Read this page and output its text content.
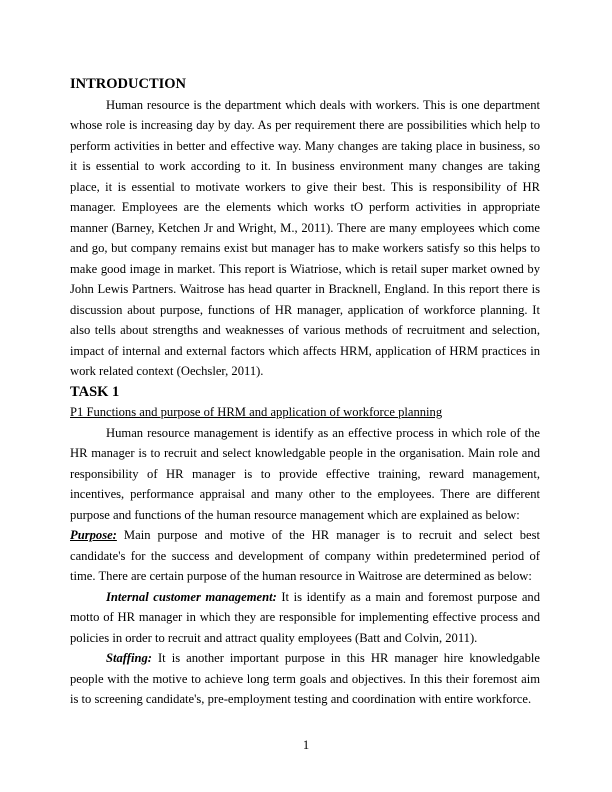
INTRODUCTION

Human resource is the department which deals with workers. This is one department whose role is increasing day by day. As per requirement there are possibilities which help to perform activities in better and effective way. Many changes are taking place in business, so it is essential to work according to it. In business environment many changes are taking place, it is essential to motivate workers to give their best. This is responsibility of HR manager. Employees are the elements which works tO perform activities in appropriate manner (Barney, Ketchen Jr and Wright, M., 2011). There are many employees which come and go, but company remains exist but manager has to make workers satisfy so this helps to make good image in market. This report is Wiatriose, which is retail super market owned by John Lewis Partners. Waitrose has head quarter in Bracknell, England. In this report there is discussion about purpose, functions of HR manager, application of workforce planning. It also tells about strengths and weaknesses of various methods of recruitment and selection, impact of internal and external factors which affects HRM, application of HRM practices in work related context (Oechsler, 2011).

TASK 1

P1 Functions and purpose of HRM and application of workforce planning

Human resource management is identify as an effective process in which role of the HR manager is to recruit and select knowledgable people in the organisation. Main role and responsibility of HR manager is to provide effective training, reward management, incentives, performance appraisal and many other to the employees. There are different purpose and functions of the human resource management which are explained as below:

Purpose: Main purpose and motive of the HR manager is to recruit and select best candidate's for the success and development of company within predetermined period of time. There are certain purpose of the human resource in Waitrose are determined as below:

Internal customer management: It is identify as a main and foremost purpose and motto of HR manager in which they are responsible for implementing effective process and policies in order to recruit and attract quality employees (Batt and Colvin, 2011).

Staffing: It is another important purpose in this HR manager hire knowledgable people with the motive to achieve long term goals and objectives. In this their foremost aim is to screening candidate's, pre-employment testing and coordination with entire workforce.

1
